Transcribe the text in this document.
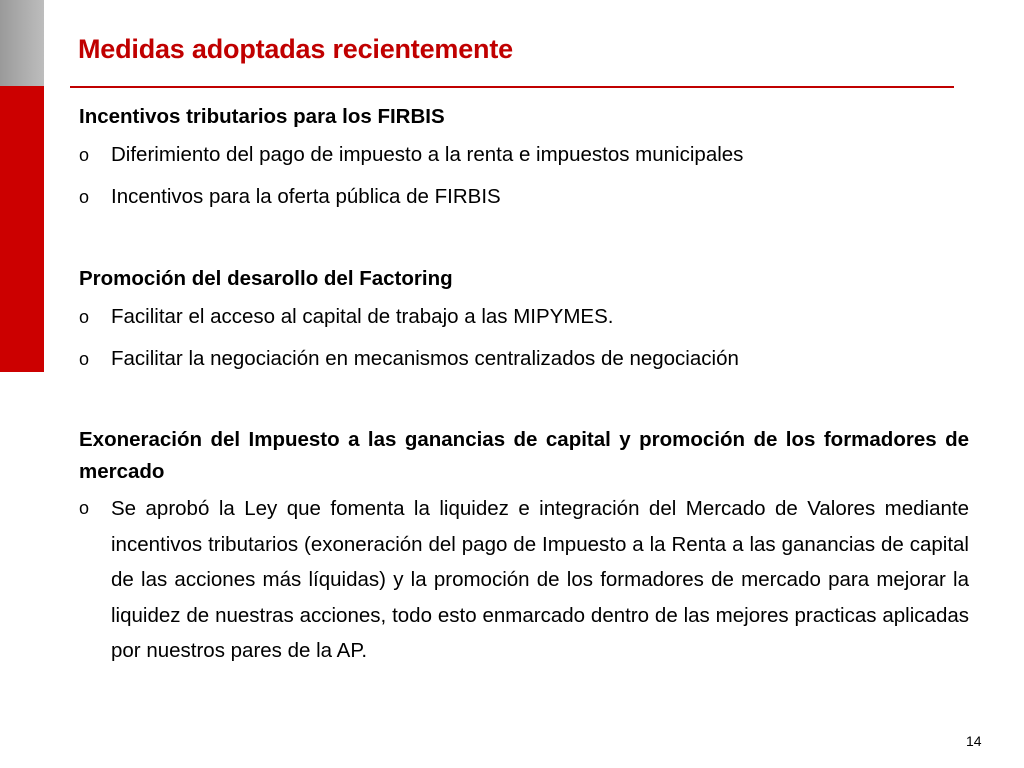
Medidas adoptadas recientemente

Incentivos tributarios para los FIRBIS

o Diferimiento del pago de impuesto a la renta e impuestos municipales
o Incentivos para la oferta pública de FIRBIS

Promoción del desarollo del Factoring

o Facilitar el acceso al capital de trabajo a las MIPYMES.
o Facilitar la negociación en mecanismos centralizados de negociación

Exoneración del Impuesto a las ganancias de capital y promoción de los formadores de mercado

o Se aprobó la Ley que fomenta la liquidez e integración del Mercado de Valores mediante incentivos tributarios (exoneración del pago de Impuesto a la Renta a las ganancias de capital de las acciones más líquidas) y la promoción de los formadores de mercado para mejorar la liquidez de nuestras acciones, todo esto enmarcado dentro de las mejores practicas aplicadas por nuestros pares de la AP.
14
